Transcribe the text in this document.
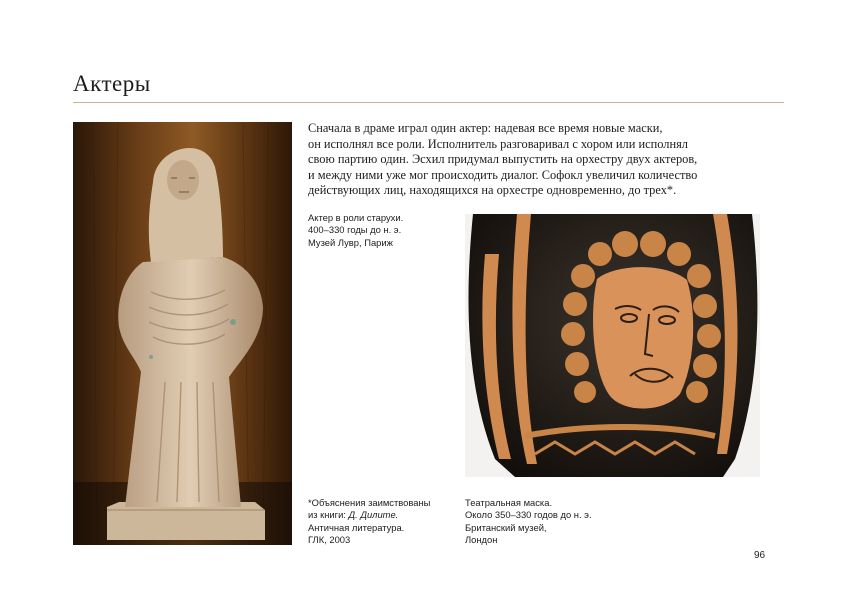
Актеры

Сначала в драме играл один актер: надевая все время новые маски,

он исполнял все роли. Исполнитель разговаривал с хором или исполнял

свою партию один. Эсхил придумал выпустить на орхестру двух актеров,

и между ними уже мог происходить диалог. Софокл увеличил количество

действующих лиц, находящихся на орхестре одновременно, до трех*.

Актер в роли старухи.
400–330 годы до н. э.
Музей Лувр, Париж
*Объяснения заимствованы
из книги: Д. Дилите.
Античная литература.
ГЛК, 2003
Театральная маска.
Около 350–330 годов до н. э.
Британский музей,
Лондон
96
